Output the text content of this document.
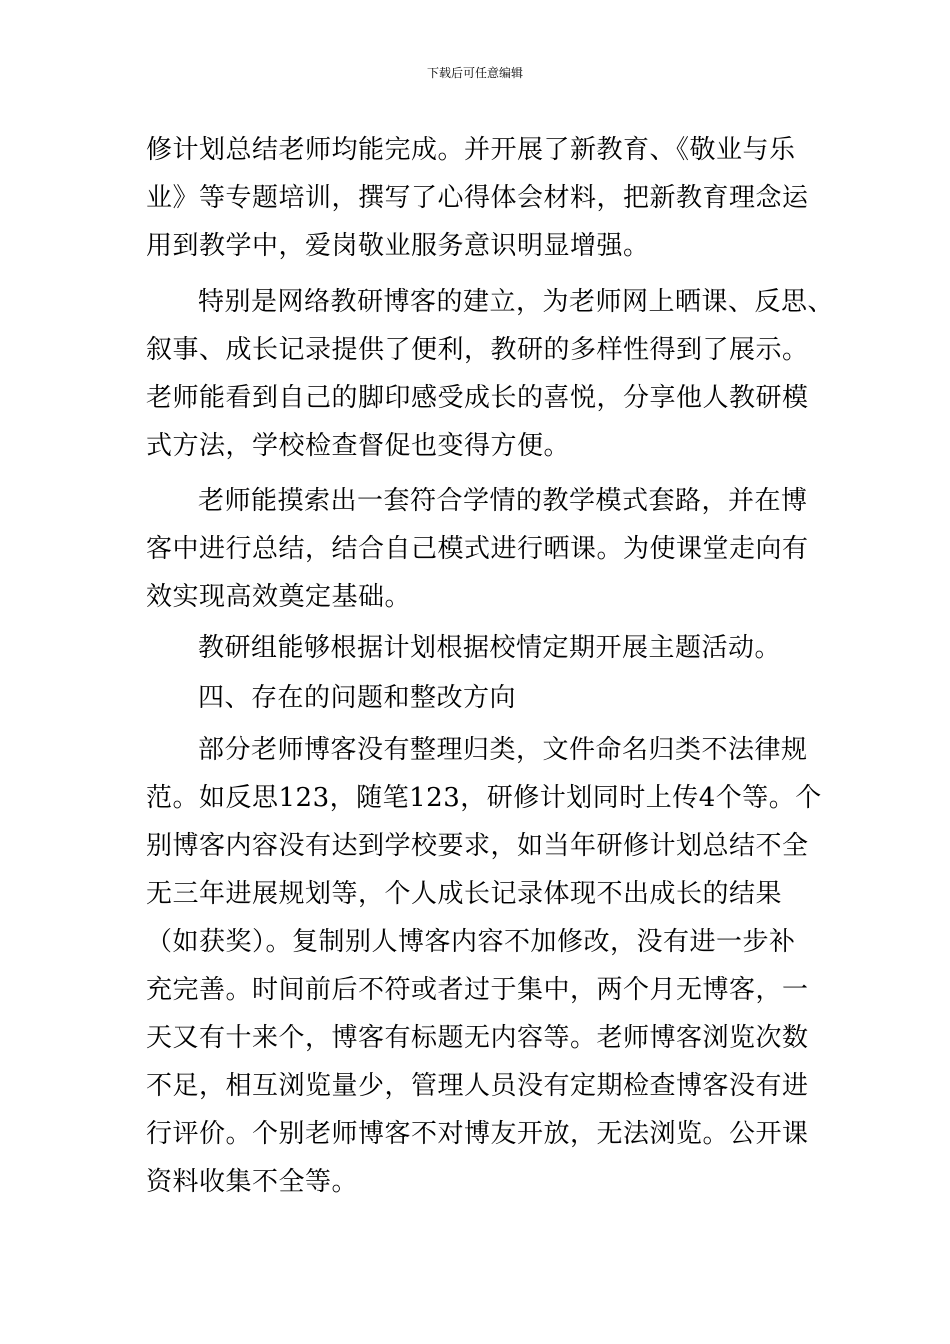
下载后可任意编辑
修计划总结老师均能完成。并开展了新教育、《敬业与乐
业》等专题培训，撰写了心得体会材料，把新教育理念运
用到教学中，爱岗敬业服务意识明显增强。
特别是网络教研博客的建立，为老师网上晒课、反思、
叙事、成长记录提供了便利，教研的多样性得到了展示。
老师能看到自己的脚印感受成长的喜悦，分享他人教研模
式方法，学校检查督促也变得方便。
老师能摸索出一套符合学情的教学模式套路，并在博
客中进行总结，结合自己模式进行晒课。为使课堂走向有
效实现高效奠定基础。
教研组能够根据计划根据校情定期开展主题活动。
四、存在的问题和整改方向
部分老师博客没有整理归类，文件命名归类不法律规
范。如反思123，随笔123，研修计划同时上传4个等。个
别博客内容没有达到学校要求，如当年研修计划总结不全
无三年进展规划等，个人成长记录体现不出成长的结果
（如获奖）。复制别人博客内容不加修改，没有进一步补
充完善。时间前后不符或者过于集中，两个月无博客，一
天又有十来个，博客有标题无内容等。老师博客浏览次数
不足，相互浏览量少，管理人员没有定期检查博客没有进
行评价。个别老师博客不对博友开放，无法浏览。公开课
资料收集不全等。
